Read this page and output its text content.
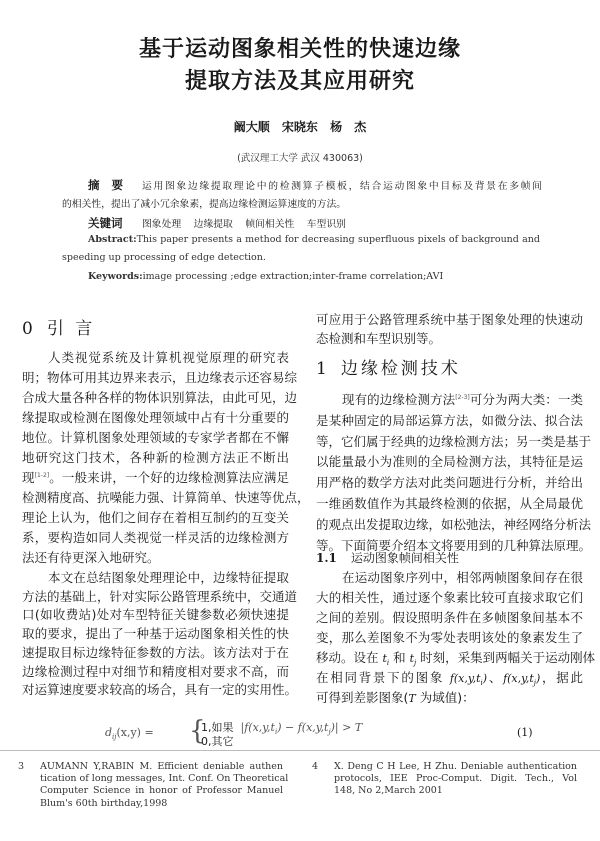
基于运动图象相关性的快速边缘
提取方法及其应用研究
阚大顺 宋晓东 杨 杰
(武汉理工大学 武汉 430063)
摘 要 运用图象边缘提取理论中的检测算子模板，结合运动图象中目标及背景在多帧间
的相关性，提出了减小冗余象素，提高边缘检测运算速度的方法。
关键词 图象处理 边缘提取 帧间相关性 车型识别
Abstract:This paper presents a method for decreasing superfluous pixels of background and
speeding up processing of edge detection.
Keywords:image processing ;edge extraction;inter-frame correlation;AVI
0 引 言
人类视觉系统及计算机视觉原理的研究表
明；物体可用其边界来表示，且边缘表示还容易综
合成大量各种各样的物体识别算法，由此可见，边
缘提取或检测在图像处理领域中占有十分重要的
地位。计算机图象处理领域的专家学者都在不懈
地研究这门技术，各种新的检测方法正不断出
现[1-2]。一般来讲，一个好的边缘检测算法应满足
检测精度高、抗噪能力强、计算简单、快速等优点，
理论上认为，他们之间存在着相互制约的互变关
系，要构造如同人类视觉一样灵活的边缘检测方
法还有待更深入地研究。
本文在总结图象处理理论中，边缘特征提取
方法的基础上，针对实际公路管理系统中，交通道
口(如收费站)处对车型特征关键参数必须快速提
取的要求，提出了一种基于运动图象相关性的快
速提取目标边缘特征参数的方法。该方法对于在
边缘检测过程中对细节和精度相对要求不高，而
对运算速度要求较高的场合，具有一定的实用性。
可应用于公路管理系统中基于图象处理的快速动
态检测和车型识别等。
1 边缘检测技术
现有的边缘检测方法[2-3]可分为两大类：一类
是某种固定的局部运算方法，如微分法、拟合法
等，它们属于经典的边缘检测方法；另一类是基于
以能量最小为准则的全局检测方法，其特征是运
用严格的数学方法对此类问题进行分析，并给出
一维函数值作为其最终检测的依据，从全局最优
的观点出发提取边缘，如松弛法，神经网络分析法
等。下面简要介绍本文将要用到的几种算法原理。
1.1 运动图象帧间相关性
在运动图象序列中，相邻两帧图象间存在很
大的相关性，通过逐个象素比较可直接求取它们
之间的差别。假设照明条件在多帧图象间基本不
变，那么差图象不为零处表明该处的象素发生了
移动。设在 $t_i$ 和 $t_j$ 时刻，采集到两幅关于运动刚体
在相同背景下的图象 $f(x,y,t_i)$、$f(x,y,t_j)$，据此
可得到差影图象(T 为域值)：
$d_{ij}(x,y)$ = {
1,如果 $|f(x,y,t_i) - f(x,y,t_j)| > T$
0,其它
(1)
3 AUMANN Y,RABIN M. Efficient deniable authen
tication of long messages, Int. Conf. On Theoretical
Computer Science in honor of Professor Manuel
Blum's 60th birthday,1998
4 X. Deng C H Lee, H Zhu. Deniable authentication
protocols, IEE Proc-Comput. Digit. Tech., Vol
148, No 2,March 2001
